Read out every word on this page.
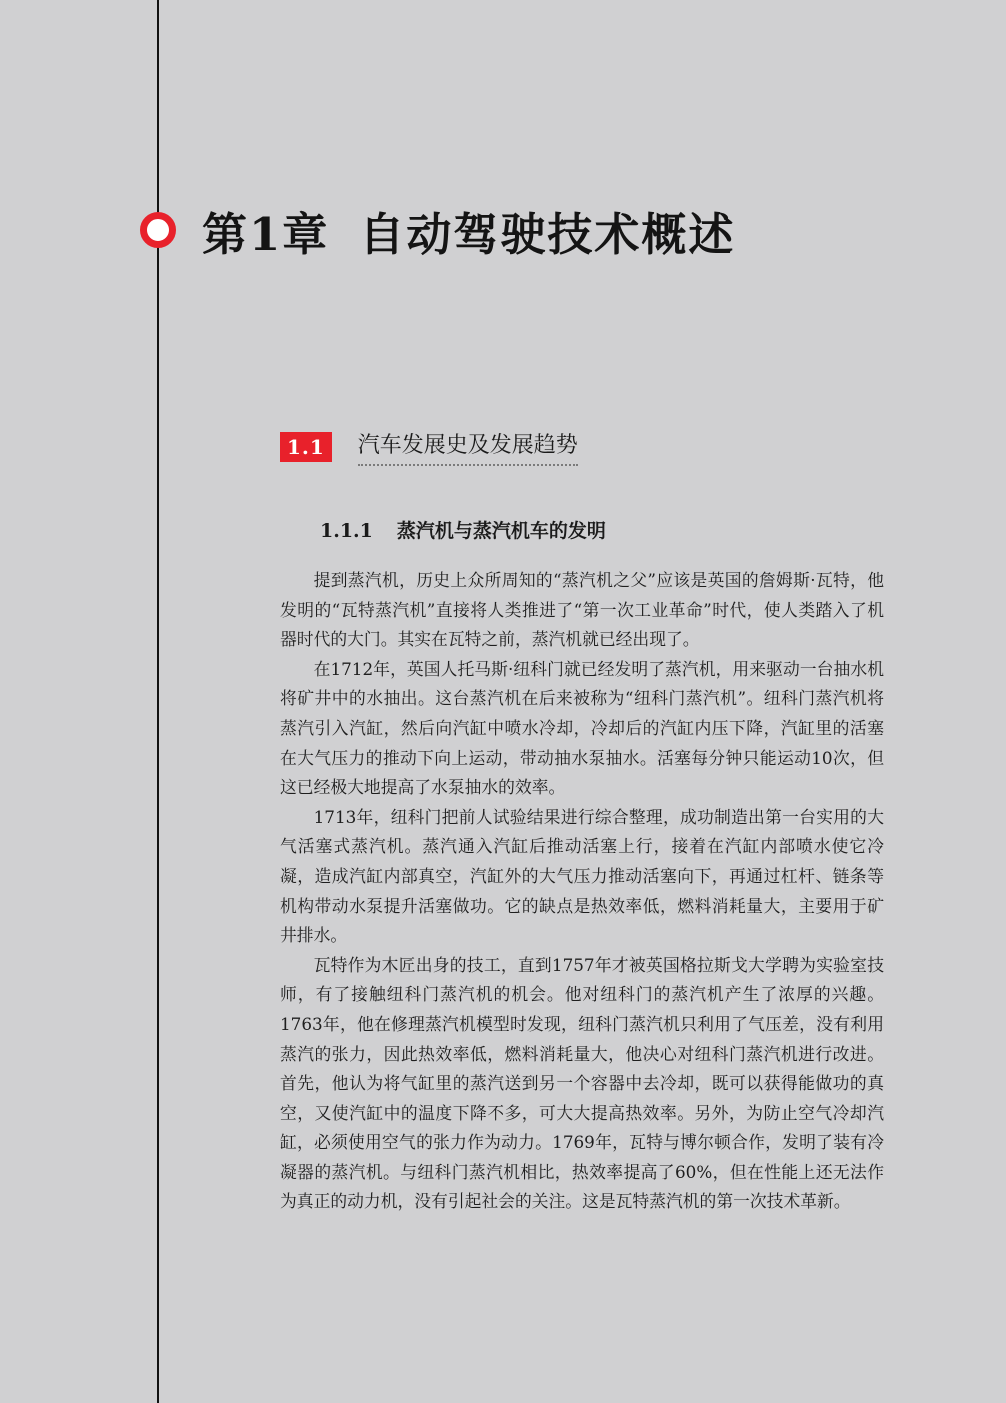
第1章 自动驾驶技术概述
1.1	汽车发展史及发展趋势
1.1.1 蒸汽机与蒸汽机车的发明

提到蒸汽机，历史上众所周知的“蒸汽机之父”应该是英国的詹姆斯·瓦特，他发明的“瓦特蒸汽机”直接将人类推进了“第一次工业革命”时代，使人类踏入了机器时代的大门。其实在瓦特之前，蒸汽机就已经出现了。

在1712年，英国人托马斯·纽科门就已经发明了蒸汽机，用来驱动一台抽水机将矿井中的水抽出。这台蒸汽机在后来被称为“纽科门蒸汽机”。纽科门蒸汽机将蒸汽引入汽缸，然后向汽缸中喷水冷却，冷却后的汽缸内压下降，汽缸里的活塞在大气压力的推动下向上运动，带动抽水泵抽水。活塞每分钟只能运动10次，但这已经极大地提高了水泵抽水的效率。

1713年，纽科门把前人试验结果进行综合整理，成功制造出第一台实用的大气活塞式蒸汽机。蒸汽通入汽缸后推动活塞上行，接着在汽缸内部喷水使它冷凝，造成汽缸内部真空，汽缸外的大气压力推动活塞向下，再通过杠杆、链条等机构带动水泵提升活塞做功。它的缺点是热效率低，燃料消耗量大，主要用于矿井排水。

瓦特作为木匠出身的技工，直到1757年才被英国格拉斯戈大学聘为实验室技师，有了接触纽科门蒸汽机的机会。他对纽科门的蒸汽机产生了浓厚的兴趣。1763年，他在修理蒸汽机模型时发现，纽科门蒸汽机只利用了气压差，没有利用蒸汽的张力，因此热效率低，燃料消耗量大，他决心对纽科门蒸汽机进行改进。首先，他认为将气缸里的蒸汽送到另一个容器中去冷却，既可以获得能做功的真空，又使汽缸中的温度下降不多，可大大提高热效率。另外，为防止空气冷却汽缸，必须使用空气的张力作为动力。1769年，瓦特与博尔顿合作，发明了装有冷凝器的蒸汽机。与纽科门蒸汽机相比，热效率提高了60%，但在性能上还无法作为真正的动力机，没有引起社会的关注。这是瓦特蒸汽机的第一次技术革新。
